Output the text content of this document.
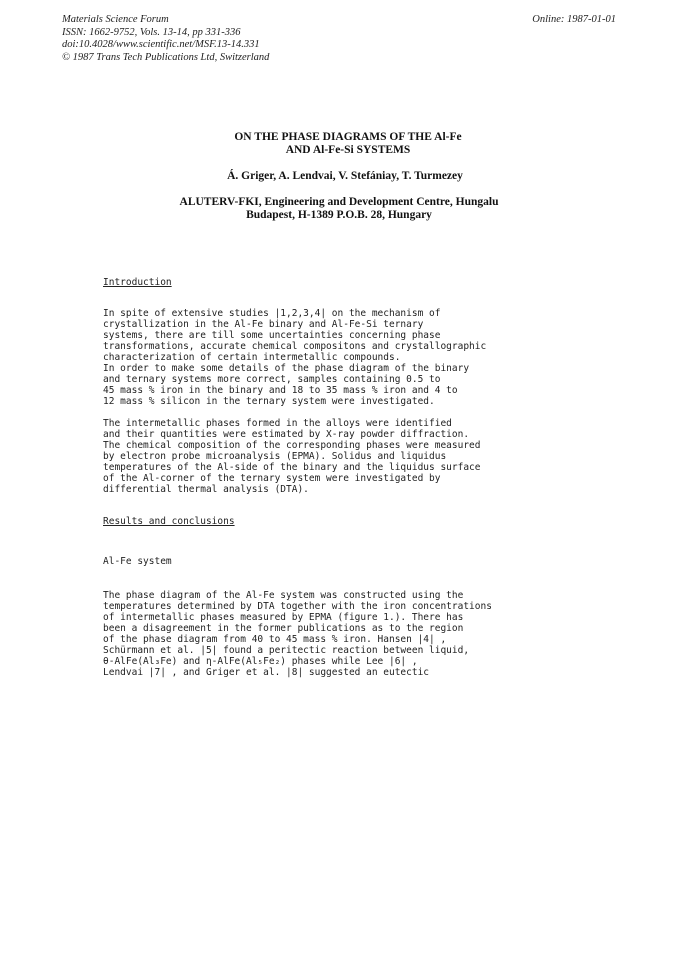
Materials Science Forum
ISSN: 1662-9752, Vols. 13-14, pp 331-336
doi:10.4028/www.scientific.net/MSF.13-14.331
© 1987 Trans Tech Publications Ltd, Switzerland
Online: 1987-01-01
ON THE PHASE DIAGRAMS OF THE Al-Fe
AND Al-Fe-Si SYSTEMS
Á. Griger, A. Lendvai, V. Stefániay, T. Turmezey
ALUTERV-FKI, Engineering and Development Centre, Hungalu
Budapest, H-1389 P.O.B. 28, Hungary
Introduction
In spite of extensive studies |1,2,3,4| on the mechanism of
crystallization in the Al-Fe binary and Al-Fe-Si ternary
systems, there are till some uncertainties concerning phase
transformations, accurate chemical compositons and crystallographic
characterization of certain intermetallic compounds.
In order to make some details of the phase diagram of the binary
and ternary systems more correct, samples containing 0.5 to
45 mass % iron in the binary and 18 to 35 mass % iron and 4 to
12 mass % silicon in the ternary system were investigated.
The intermetallic phases formed in the alloys were identified
and their quantities were estimated by X-ray powder diffraction.
The chemical composition of the corresponding phases were measured
by electron probe microanalysis (EPMA). Solidus and liquidus
temperatures of the Al-side of the binary and the liquidus surface
of the Al-corner of the ternary system were investigated by
differential thermal analysis (DTA).
Results and conclusions
Al-Fe system
The phase diagram of the Al-Fe system was constructed using the
temperatures determined by DTA together with the iron concentrations
of intermetallic phases measured by EPMA (figure 1.). There has
been a disagreement in the former publications as to the region
of the phase diagram from 40 to 45 mass % iron. Hansen |4| ,
Schürmann et al. |5| found a peritectic reaction between liquid,
θ-AlFe(Al₃Fe) and η-AlFe(Al₅Fe₂) phases while Lee |6| ,
Lendvai |7| , and Griger et al. |8| suggested an eutectic
